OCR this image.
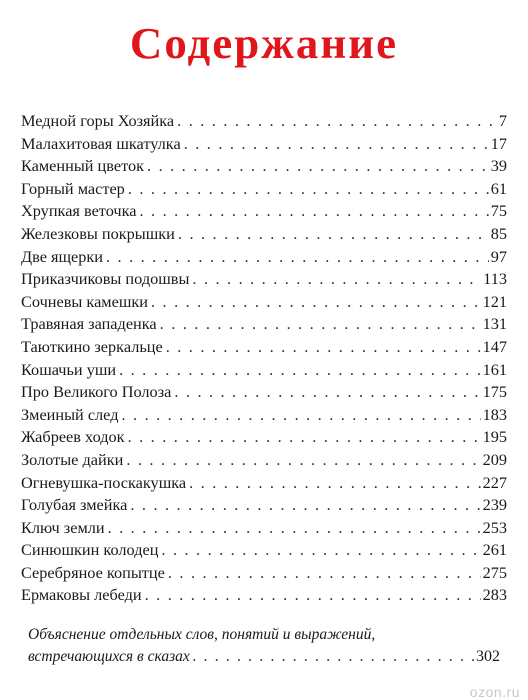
Содержание
Медной горы Хозяйка . . .	7
Малахитовая шкатулка . . .	17
Каменный цветок . . .	39
Горный мастер . . .	61
Хрупкая веточка . . .	75
Железковы покрышки . . .	85
Две ящерки . . .	97
Приказчиковы подошвы . . .	113
Сочневы камешки . . .	121
Травяная западенка . . .	131
Таюткино зеркальце . . .	147
Кошачьи уши . . .	161
Про Великого Полоза . . .	175
Змеиный след . . .	183
Жабреев ходок . . .	195
Золотые дайки . . .	209
Огневушка-поскакушка . . .	227
Голубая змейка . . .	239
Ключ земли . . .	253
Синюшкин колодец . . .	261
Серебряное копытце . . .	275
Ермаковы лебеди . . .	283
Объяснение отдельных слов, понятий и выражений,
встречающихся в сказах . . .	302
ozon.ru
